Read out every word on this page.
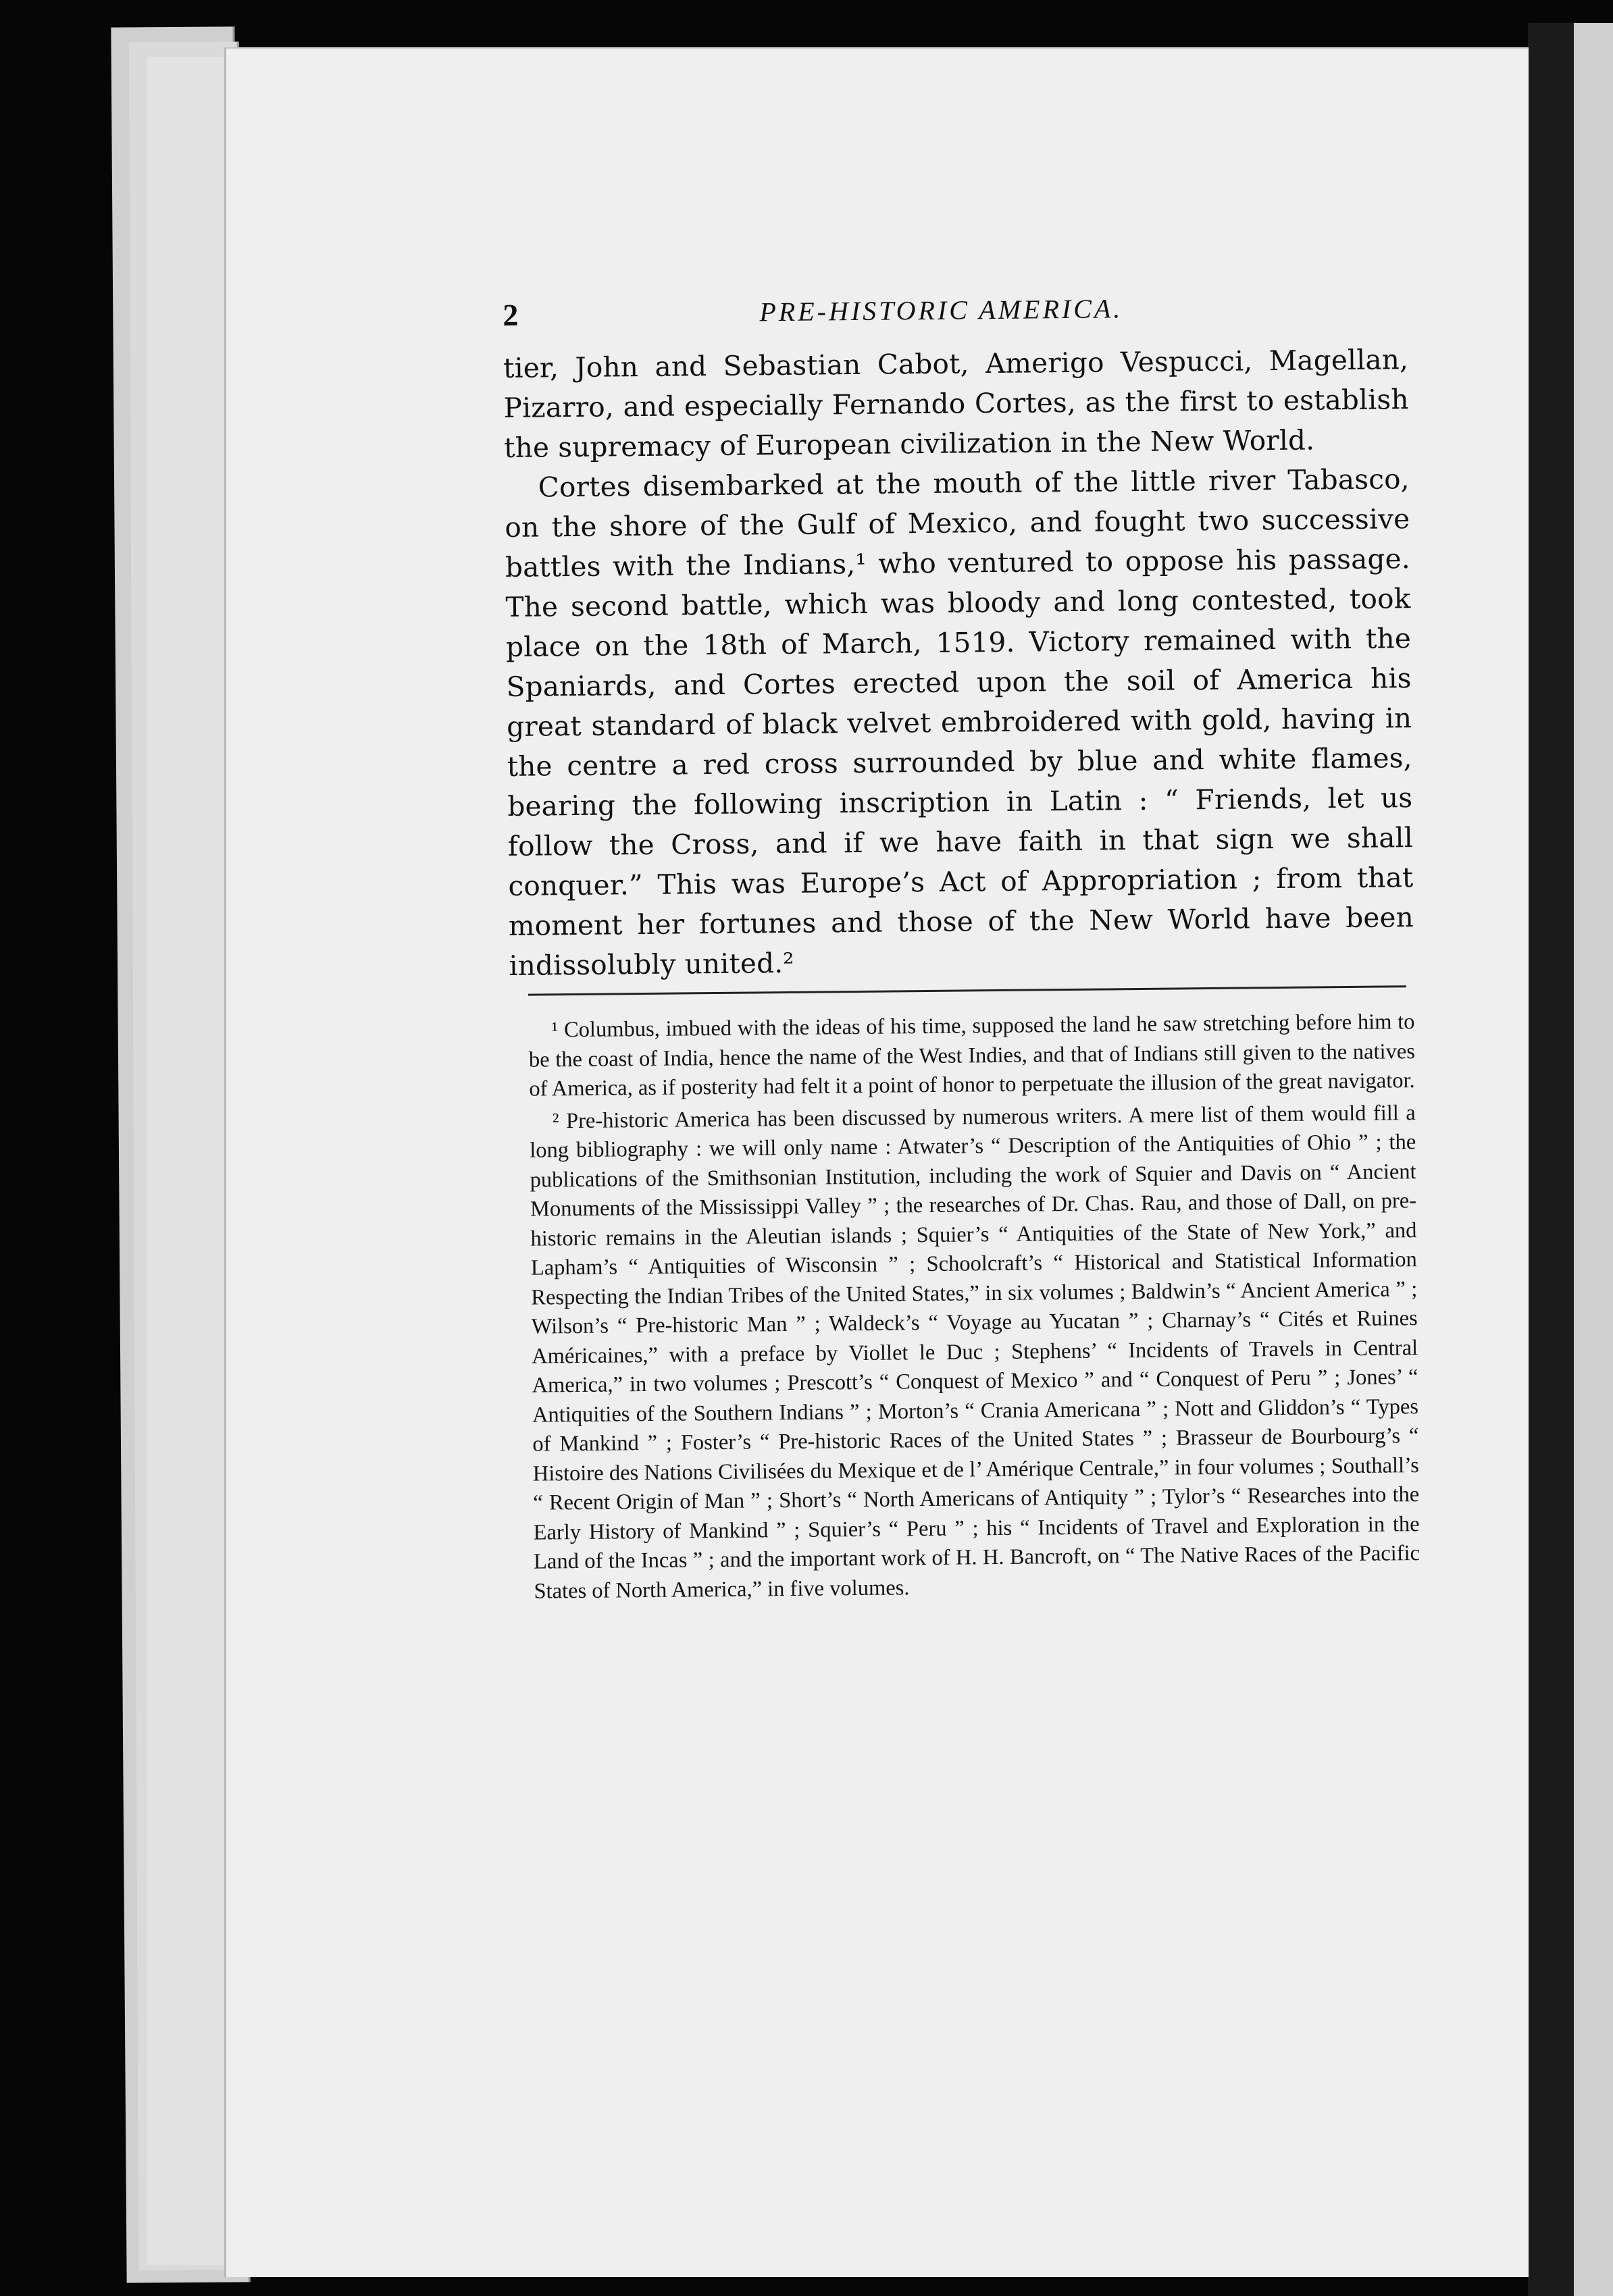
2	PRE-HISTORIC AMERICA.

tier, John and Sebastian Cabot, Amerigo Vespucci, Magellan, Pizarro, and especially Fernando Cortes, as the first to establish the supremacy of European civilization in the New World.

Cortes disembarked at the mouth of the little river Tabasco, on the shore of the Gulf of Mexico, and fought two successive battles with the Indians,¹ who ventured to oppose his passage. The second battle, which was bloody and long contested, took place on the 18th of March, 1519. Victory remained with the Spaniards, and Cortes erected upon the soil of America his great standard of black velvet embroidered with gold, having in the centre a red cross surrounded by blue and white flames, bearing the following inscription in Latin : “ Friends, let us follow the Cross, and if we have faith in that sign we shall conquer.” This was Europe’s Act of Appropriation ; from that moment her fortunes and those of the New World have been indissolubly united.²

¹ Columbus, imbued with the ideas of his time, supposed the land he saw stretching before him to be the coast of India, hence the name of the West Indies, and that of Indians still given to the natives of America, as if posterity had felt it a point of honor to perpetuate the illusion of the great navigator.

² Pre-historic America has been discussed by numerous writers. A mere list of them would fill a long bibliography : we will only name : Atwater’s “ Description of the Antiquities of Ohio ” ; the publications of the Smithsonian Institution, including the work of Squier and Davis on “ Ancient Monuments of the Mississippi Valley ” ; the researches of Dr. Chas. Rau, and those of Dall, on pre-historic remains in the Aleutian islands ; Squier’s “ Antiquities of the State of New York,” and Lapham’s “ Antiquities of Wisconsin ” ; Schoolcraft’s “ Historical and Statistical Information Respecting the Indian Tribes of the United States,” in six volumes ; Baldwin’s “ Ancient America ” ; Wilson’s “ Pre-historic Man ” ; Waldeck’s “ Voyage au Yucatan ” ; Charnay’s “ Cités et Ruines Américaines,” with a preface by Viollet le Duc ; Stephens’ “ Incidents of Travels in Central America,” in two volumes ; Prescott’s “ Conquest of Mexico ” and “ Conquest of Peru ” ; Jones’ “ Antiquities of the Southern Indians ” ; Morton’s “ Crania Americana ” ; Nott and Gliddon’s “ Types of Mankind ” ; Foster’s “ Pre-historic Races of the United States ” ; Brasseur de Bourbourg’s “ Histoire des Nations Civilisées du Mexique et de l’ Amérique Centrale,” in four volumes ; Southall’s “ Recent Origin of Man ” ; Short’s “ North Americans of Antiquity ” ; Tylor’s “ Researches into the Early History of Mankind ” ; Squier’s “ Peru ” ; his “ Incidents of Travel and Exploration in the Land of the Incas ” ; and the important work of H. H. Bancroft, on “ The Native Races of the Pacific States of North America,” in five volumes.
